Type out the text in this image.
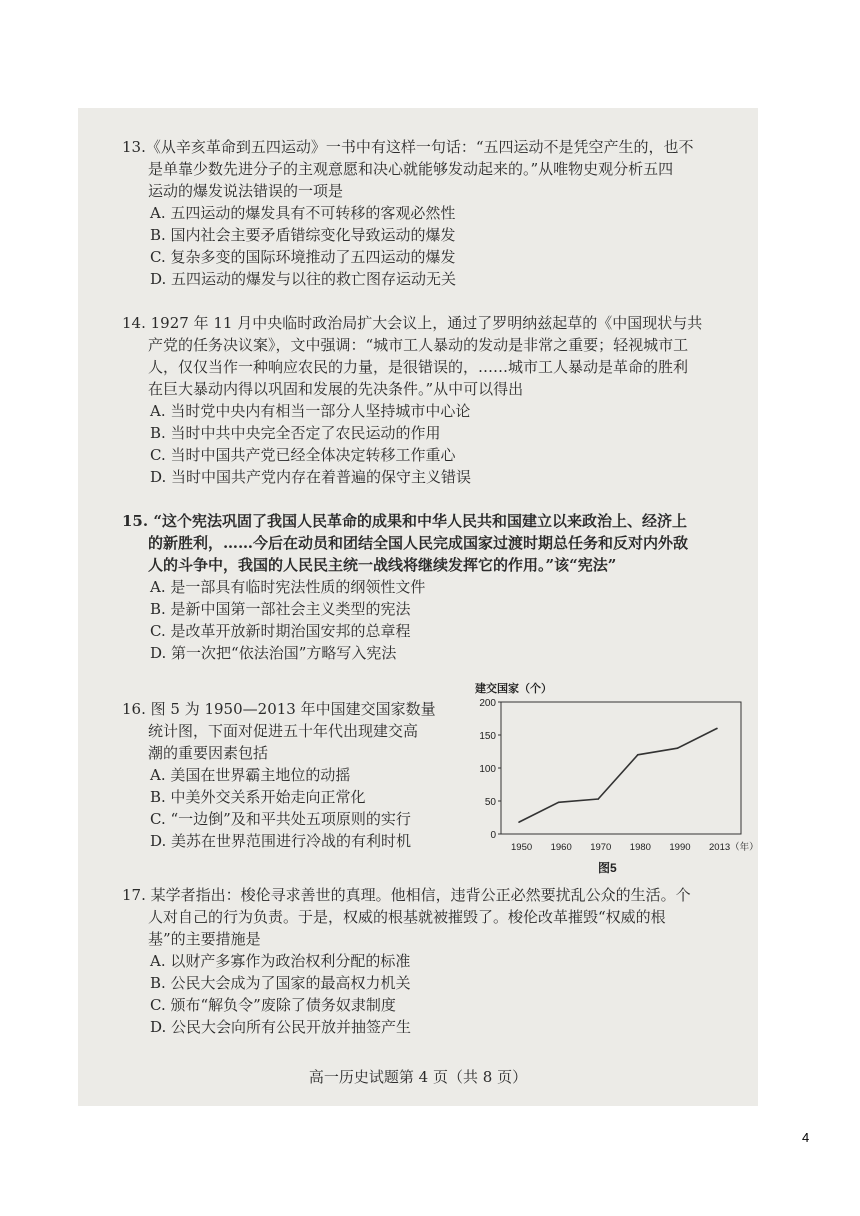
13.《从辛亥革命到五四运动》一书中有这样一句话：“五四运动不是凭空产生的，也不
是单靠少数先进分子的主观意愿和决心就能够发动起来的。”从唯物史观分析五四
运动的爆发说法错误的一项是
A. 五四运动的爆发具有不可转移的客观必然性
B. 国内社会主要矛盾错综变化导致运动的爆发
C. 复杂多变的国际环境推动了五四运动的爆发
D. 五四运动的爆发与以往的救亡图存运动无关
14. 1927 年 11 月中央临时政治局扩大会议上，通过了罗明纳兹起草的《中国现状与共
产党的任务决议案》，文中强调：“城市工人暴动的发动是非常之重要；轻视城市工
人，仅仅当作一种响应农民的力量，是很错误的，……城市工人暴动是革命的胜利
在巨大暴动内得以巩固和发展的先决条件。”从中可以得出
A. 当时党中央内有相当一部分人坚持城市中心论
B. 当时中共中央完全否定了农民运动的作用
C. 当时中国共产党已经全体决定转移工作重心
D. 当时中国共产党内存在着普遍的保守主义错误
15. “这个宪法巩固了我国人民革命的成果和中华人民共和国建立以来政治上、经济上
的新胜利，……今后在动员和团结全国人民完成国家过渡时期总任务和反对内外敌
人的斗争中，我国的人民民主统一战线将继续发挥它的作用。”该“宪法”
A. 是一部具有临时宪法性质的纲领性文件
B. 是新中国第一部社会主义类型的宪法
C. 是改革开放新时期治国安邦的总章程
D. 第一次把“依法治国”方略写入宪法
16. 图 5 为 1950—2013 年中国建交国家数量
统计图，下面对促进五十年代出现建交高
潮的重要因素包括
A. 美国在世界霸主地位的动摇
B. 中美外交关系开始走向正常化
C. “一边倒”及和平共处五项原则的实行
D. 美苏在世界范围进行冷战的有利时机
建交国家（个）
0
50
100
150
200
1950 1960 1970 1980 1990 2013（年）
图5
17. 某学者指出：梭伦寻求善世的真理。他相信，违背公正必然要扰乱公众的生活。个
人对自己的行为负责。于是，权威的根基就被摧毁了。梭伦改革摧毁“权威的根
基”的主要措施是
A. 以财产多寡作为政治权利分配的标准
B. 公民大会成为了国家的最高权力机关
C. 颁布“解负令”废除了债务奴隶制度
D. 公民大会向所有公民开放并抽签产生
高一历史试题第 4 页（共 8 页）
4
